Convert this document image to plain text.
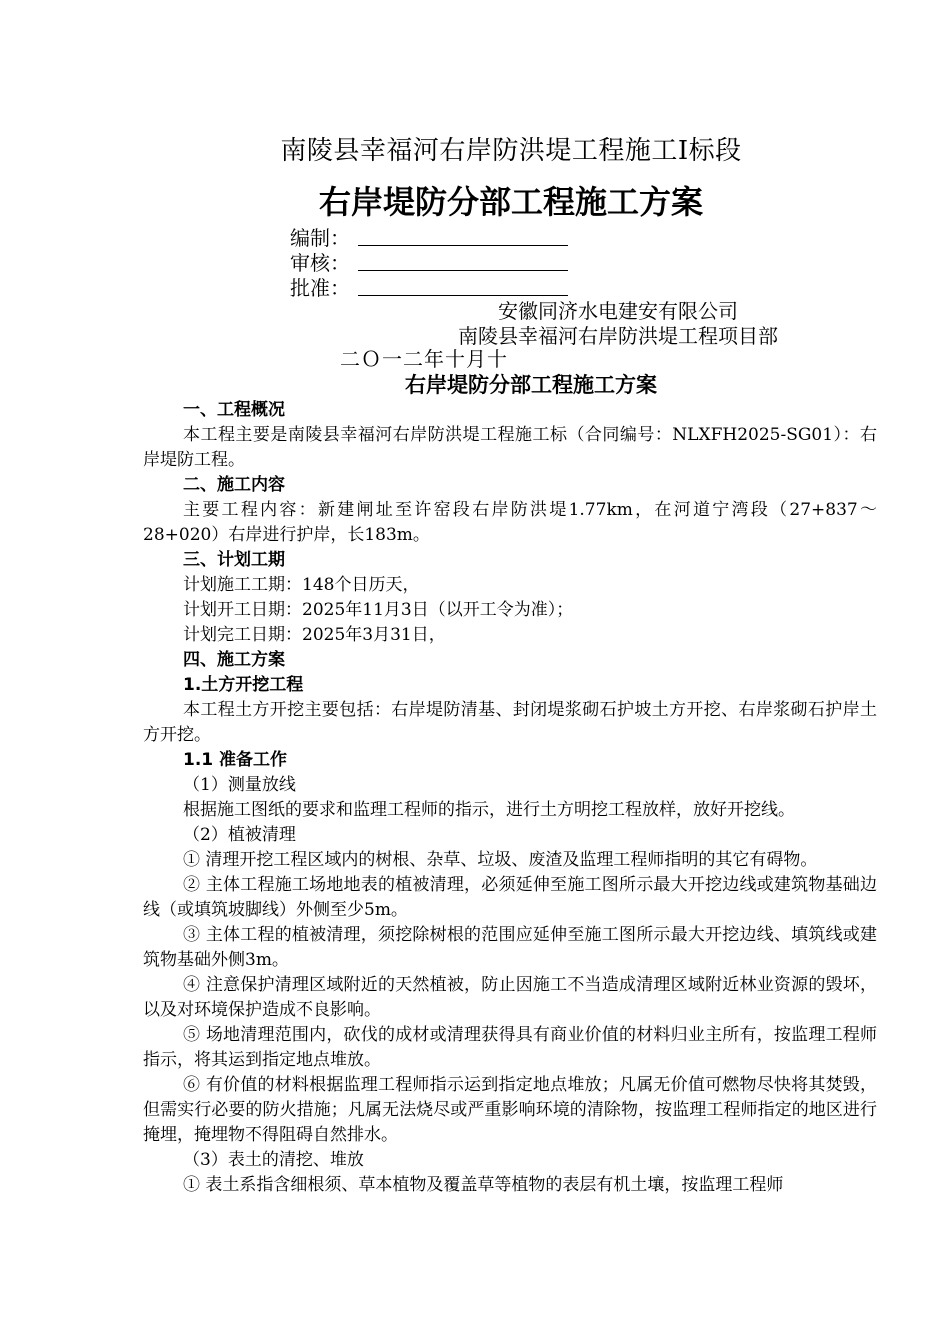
南陵县幸福河右岸防洪堤工程施工Ⅰ标段
右岸堤防分部工程施工方案
编制：
审核：
批准：
安徽同济水电建安有限公司
南陵县幸福河右岸防洪堤工程项目部
二Ｏ一二年十月十
右岸堤防分部工程施工方案

一、工程概况

本工程主要是南陵县幸福河右岸防洪堤工程施工标（合同编号：NLXFH2025-SG01）：右岸堤防工程。

二、施工内容

主要工程内容：新建闸址至许窑段右岸防洪堤1.77km，在河道宁湾段（27+837～28+020）右岸进行护岸，长183m。

三、计划工期

计划施工工期：148个日历天，

计划开工日期：2025年11月3日（以开工令为准）；

计划完工日期：2025年3月31日，

四、施工方案

1.土方开挖工程

本工程土方开挖主要包括：右岸堤防清基、封闭堤浆砌石护坡土方开挖、右岸浆砌石护岸土方开挖。

1.1 准备工作

（1）测量放线

根据施工图纸的要求和监理工程师的指示，进行土方明挖工程放样，放好开挖线。

（2）植被清理

① 清理开挖工程区域内的树根、杂草、垃圾、废渣及监理工程师指明的其它有碍物。

② 主体工程施工场地地表的植被清理，必须延伸至施工图所示最大开挖边线或建筑物基础边线（或填筑坡脚线）外侧至少5m。

③ 主体工程的植被清理，须挖除树根的范围应延伸至施工图所示最大开挖边线、填筑线或建筑物基础外侧3m。

④ 注意保护清理区域附近的天然植被，防止因施工不当造成清理区域附近林业资源的毁坏，以及对环境保护造成不良影响。

⑤ 场地清理范围内，砍伐的成材或清理获得具有商业价值的材料归业主所有，按监理工程师指示，将其运到指定地点堆放。

⑥ 有价值的材料根据监理工程师指示运到指定地点堆放；凡属无价值可燃物尽快将其焚毁，但需实行必要的防火措施；凡属无法烧尽或严重影响环境的清除物，按监理工程师指定的地区进行掩埋，掩埋物不得阻碍自然排水。

（3）表土的清挖、堆放

① 表土系指含细根须、草本植物及覆盖草等植物的表层有机土壤，按监理工程师
